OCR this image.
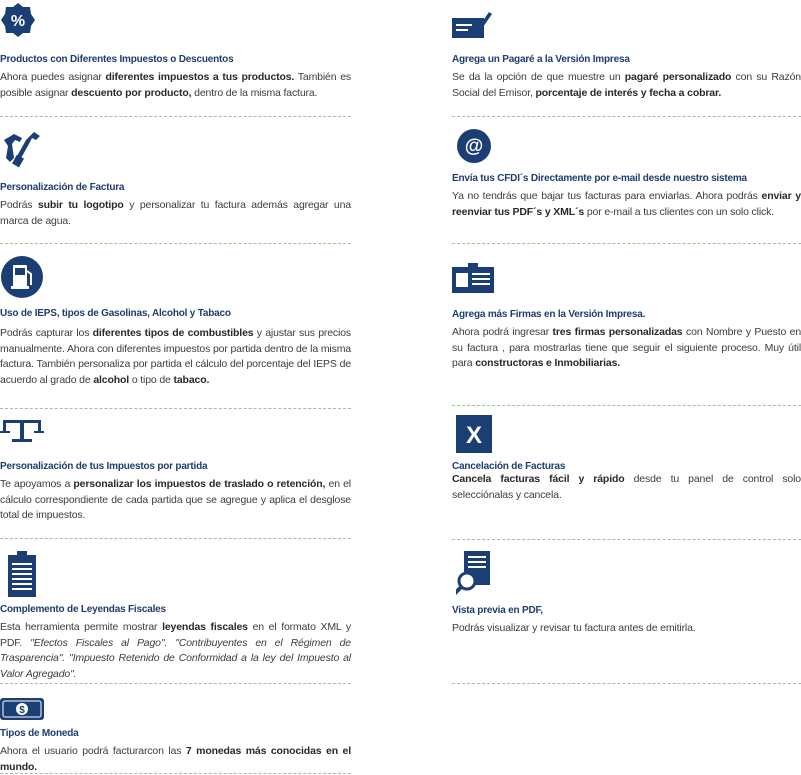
%
Productos con Diferentes Impuestos o Descuentos
Ahora puedes asignar diferentes impuestos a tus productos. También es posible asignar descuento por producto, dentro de la misma factura.
Personalización de Factura
Podrás subir tu logotipo y personalizar tu factura además agregar una marca de agua.
Uso de IEPS, tipos de Gasolinas, Alcohol y Tabaco
Podrás capturar los diferentes tipos de combustibles y ajustar sus precios manualmente. Ahora con diferentes impuestos por partida dentro de la misma factura. También personaliza por partida el cálculo del porcentaje del IEPS de acuerdo al grado de alcohol o tipo de tabaco.
Personalización de tus Impuestos por partida
Te apoyamos a personalizar los impuestos de traslado o retención, en el cálculo correspondiente de cada partida que se agregue y aplica el desglose total de impuestos.
Complemento de Leyendas Fiscales
Esta herramienta permite mostrar leyendas fiscales en el formato XML y PDF. "Efectos Fiscales al Pago". "Contribuyentes en el Régimen de Trasparencia". "Impuesto Retenido de Conformidad a la ley del Impuesto al Valor Agregado".
$
Tipos de Moneda
Ahora el usuario podrá facturarcon las 7 monedas más conocidas en el mundo.
Agrega un Pagaré a la Versión Impresa
Se da la opción de que muestre un pagaré personalizado con su Razón Social del Emisor, porcentaje de interés y fecha a cobrar.
@
Envía tus CFDI´s Directamente por e-mail desde nuestro sistema
Ya no tendrás que bajar tus facturas para enviarlas. Ahora podrás enviar y reenviar tus PDF´s y XML´s por e-mail a tus clientes con un solo click.
Agrega más Firmas en la Versión Impresa.
Ahora podrá ingresar tres firmas personalizadas con Nombre y Puesto en su factura , para mostrarlas tiene que seguir el siguiente proceso. Muy útil para constructoras e Inmobiliarias.
X
Cancelación de Facturas
Cancela facturas fácil y rápido desde tu panel de control solo selecciónalas y cancela.
Vista previa en PDF,
Podrás visualizar y revisar tu factura antes de emitirla.
